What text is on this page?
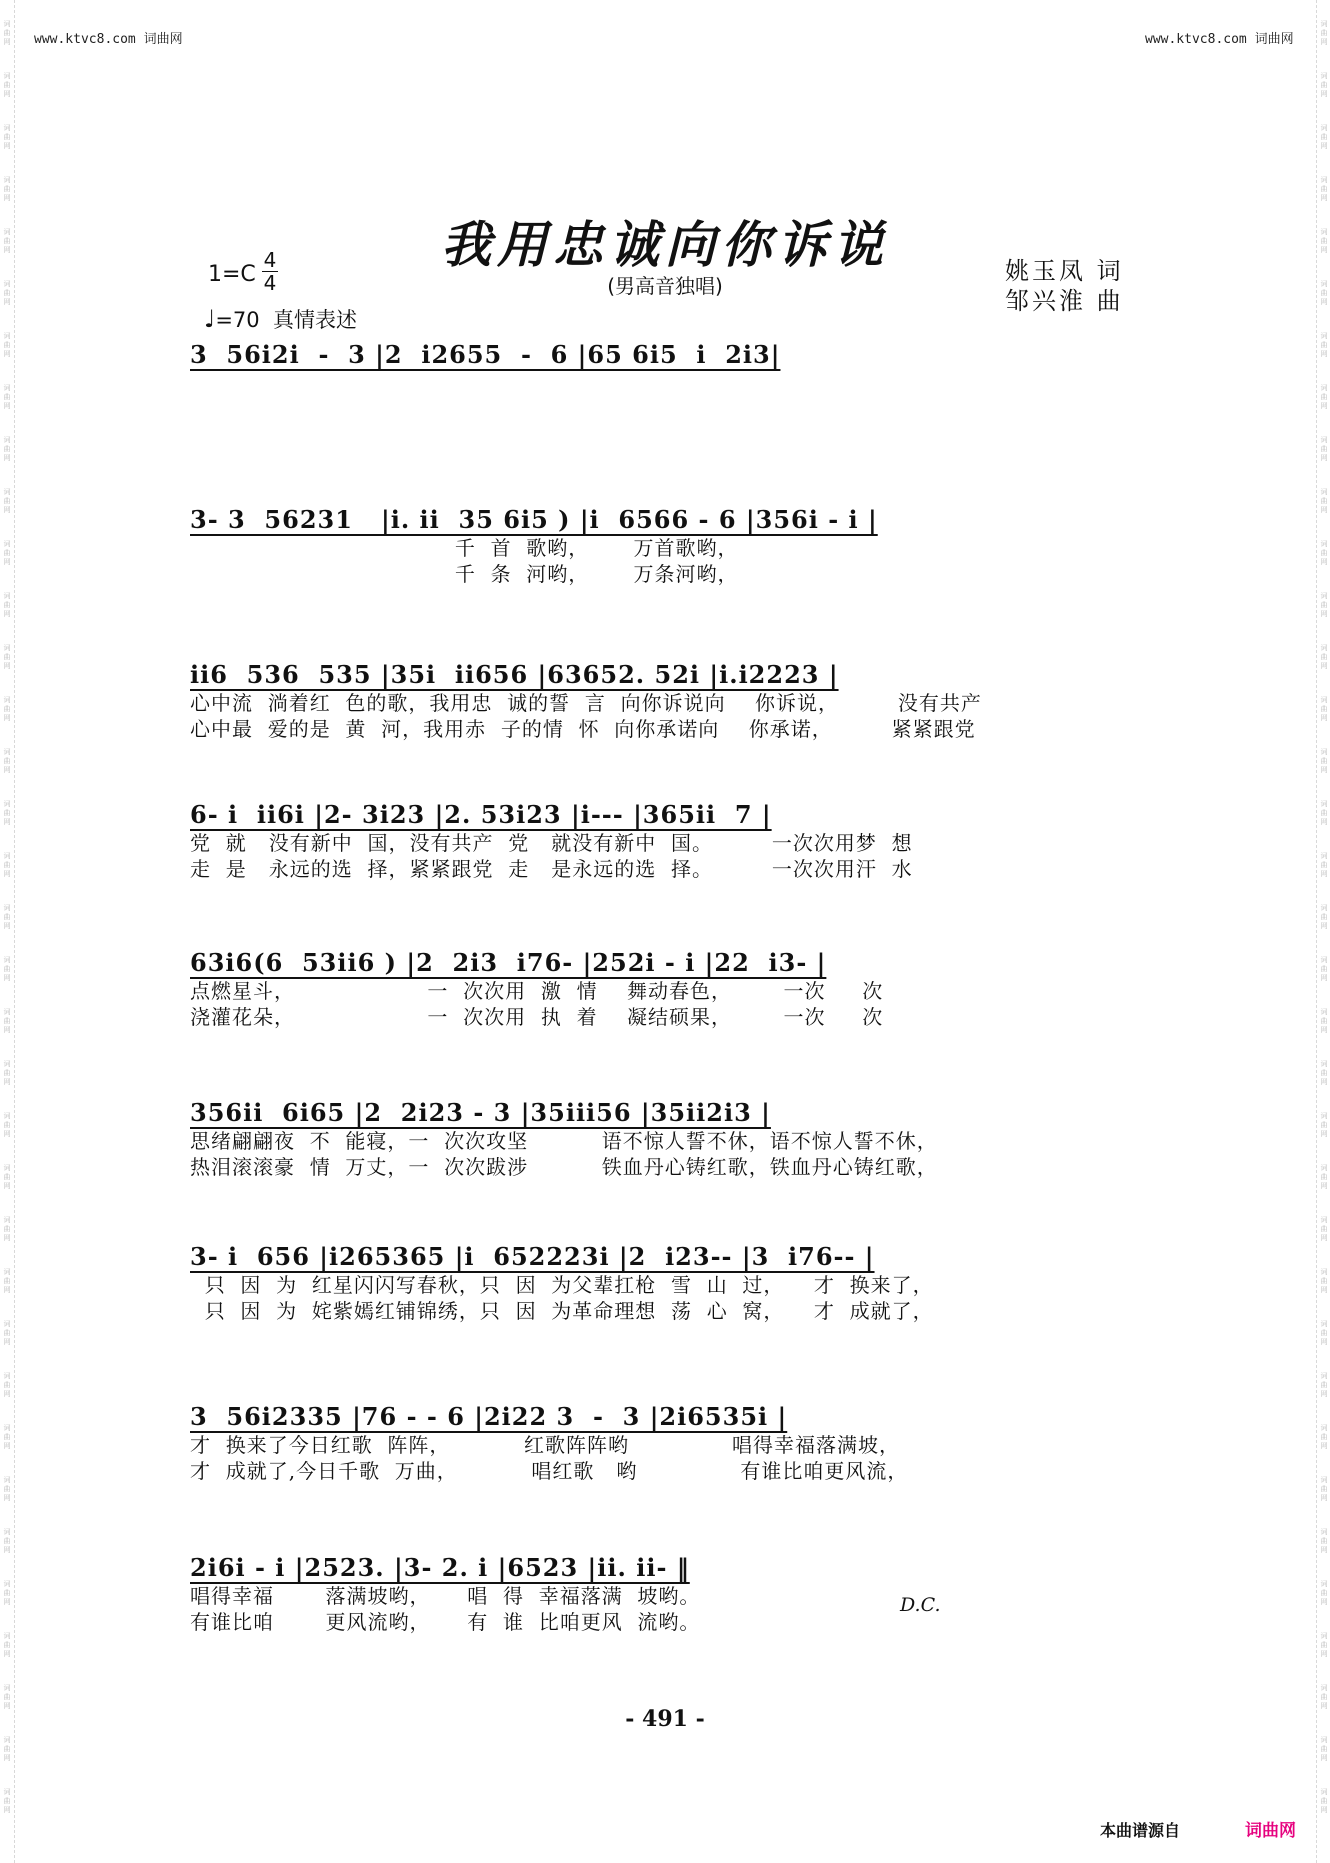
词
曲
网
词
曲
网
词
曲
网
词
曲
网
词
曲
网
词
曲
网
词
曲
网
词
曲
网
词
曲
网
词
曲
网
词
曲
网
词
曲
网
词
曲
网
词
曲
网
词
曲
网
词
曲
网
词
曲
网
词
曲
网
词
曲
网
词
曲
网
词
曲
网
词
曲
网
词
曲
网
词
曲
网
词
曲
网
词
曲
网
词
曲
网
词
曲
网
词
曲
网
词
曲
网
词
曲
网
词
曲
网
词
曲
网
词
曲
网
词
曲
网
词
曲
网
词
曲
网
词
曲
网
词
曲
网
词
曲
网
词
曲
网
词
曲
网
词
曲
网
词
曲
网
词
曲
网
词
曲
网
词
曲
网
词
曲
网
词
曲
网
词
曲
网
词
曲
网
词
曲
网
词
曲
网
词
曲
网
词
曲
网
词
曲
网
词
曲
网
词
曲
网
词
曲
网
词
曲
网
词
曲
网
词
曲
网
词
曲
网
词
曲
网
词
曲
网
词
曲
网
词
曲
网
词
曲
网
词
曲
网
词
曲
网
www.ktvc8.com 词曲网	www.ktvc8.com 词曲网
我用忠诚向你诉说
(男高音独唱)
1=C
4
4
♩=70 真情表述
姚玉凤 词
邹兴淮 曲
3  56i2i  -  3 |2  i2655  -  6 |65 6i5  i  2i3|
3- 3  56231   |i. ii  35 6i5 ) |i  6566 - 6 |356i - i |
千  首  歌哟，      万首歌哟，
千  条  河哟，      万条河哟，
ii6  536  535 |35i  ii656 |63652. 52i |i.i2223 |
心中流  淌着红  色的歌，我用忠  诚的誓  言  向你诉说向    你诉说，        没有共产
心中最  爱的是  黄  河，我用赤  子的情  怀  向你承诺向    你承诺，        紧紧跟党
6- i  ii6i |2- 3i23 |2. 53i23 |i--- |365ii  7 |
党  就   没有新中  国，没有共产  党   就没有新中  国。        一次次用梦  想
走  是   永远的选  择，紧紧跟党  走   是永远的选  择。        一次次用汗  水
63i6(6  53ii6 ) |2  2i3  i76- |252i - i |22  i3- |
点燃星斗，                  一  次次用  激  情    舞动春色，       一次     次
浇灌花朵，                  一  次次用  执  着    凝结硕果，       一次     次
356ii  6i65 |2  2i23 - 3 |35iii56 |35ii2i3 |
思绪翩翩夜  不  能寝，一  次次攻坚          语不惊人誓不休，语不惊人誓不休，
热泪滚滚豪  情  万丈，一  次次跋涉          铁血丹心铸红歌，铁血丹心铸红歌，
3- i  656 |i265365 |i  652223i |2  i23-- |3  i76-- |
只  因  为  红星闪闪写春秋，只  因  为父辈扛枪  雪  山  过，    才  换来了，
只  因  为  姹紫嫣红铺锦绣，只  因  为革命理想  荡  心  窝，    才  成就了，
3  56i2335 |76 - - 6 |2i22 3  -  3 |2i6535i |
才  换来了今日红歌  阵阵，          红歌阵阵哟              唱得幸福落满坡，
才  成就了,今日千歌  万曲，          唱红歌   哟              有谁比咱更风流，
2i6i - i |2523. |3- 2. i |6523 |ii. ii- ‖
唱得幸福       落满坡哟，     唱  得  幸福落满  坡哟。
有谁比咱       更风流哟，     有  谁  比咱更风  流哟。
D.C.
- 491 -
本曲谱源自	词曲网
